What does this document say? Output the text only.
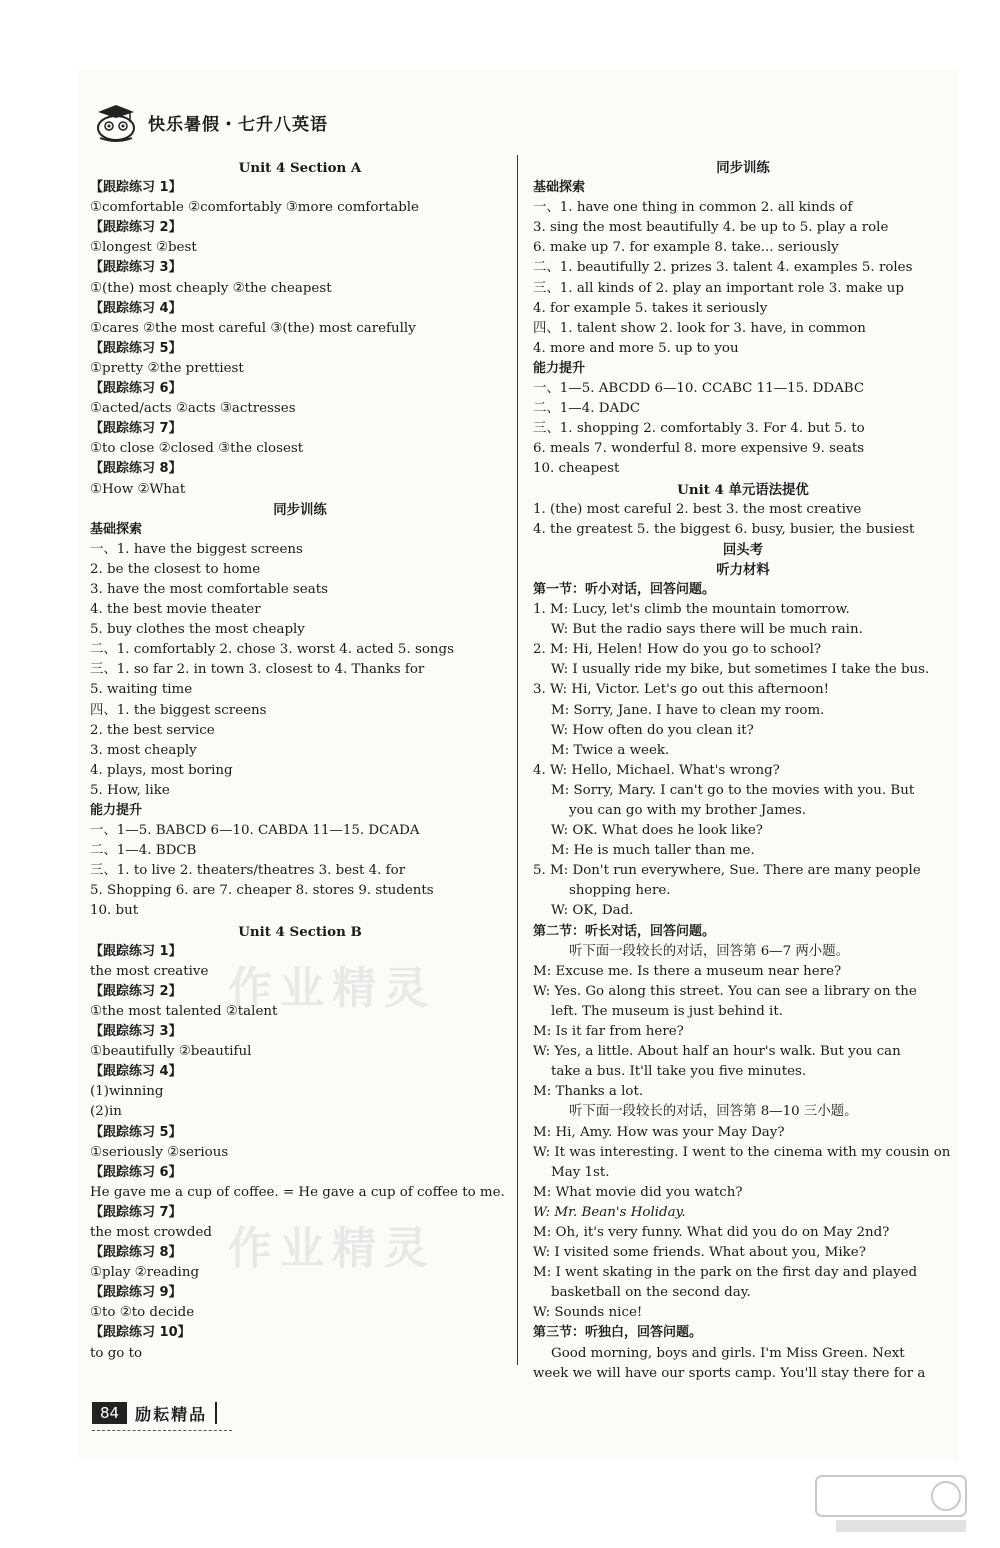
快乐暑假・七升八英语
Unit 4 Section A
【跟踪练习 1】
①comfortable ②comfortably ③more comfortable
【跟踪练习 2】
①longest ②best
【跟踪练习 3】
①(the) most cheaply ②the cheapest
【跟踪练习 4】
①cares ②the most careful ③(the) most carefully
【跟踪练习 5】
①pretty ②the prettiest
【跟踪练习 6】
①acted/acts ②acts ③actresses
【跟踪练习 7】
①to close ②closed ③the closest
【跟踪练习 8】
①How ②What
同步训练
基础探索
一、1. have the biggest screens
2. be the closest to home
3. have the most comfortable seats
4. the best movie theater
5. buy clothes the most cheaply
二、1. comfortably 2. chose 3. worst 4. acted 5. songs
三、1. so far 2. in town 3. closest to 4. Thanks for
5. waiting time
四、1. the biggest screens
2. the best service
3. most cheaply
4. plays, most boring
5. How, like
能力提升
一、1—5. BABCD 6—10. CABDA 11—15. DCADA
二、1—4. BDCB
三、1. to live 2. theaters/theatres 3. best 4. for
5. Shopping 6. are 7. cheaper 8. stores 9. students
10. but
Unit 4 Section B
【跟踪练习 1】
the most creative
【跟踪练习 2】
①the most talented ②talent
【跟踪练习 3】
①beautifully ②beautiful
【跟踪练习 4】
(1)winning
(2)in
【跟踪练习 5】
①seriously ②serious
【跟踪练习 6】
He gave me a cup of coffee. = He gave a cup of coffee to me.
【跟踪练习 7】
the most crowded
【跟踪练习 8】
①play ②reading
【跟踪练习 9】
①to ②to decide
【跟踪练习 10】
to go to
同步训练
基础探索
一、1. have one thing in common 2. all kinds of
3. sing the most beautifully 4. be up to 5. play a role
6. make up 7. for example 8. take... seriously
二、1. beautifully 2. prizes 3. talent 4. examples 5. roles
三、1. all kinds of 2. play an important role 3. make up
4. for example 5. takes it seriously
四、1. talent show 2. look for 3. have, in common
4. more and more 5. up to you
能力提升
一、1—5. ABCDD 6—10. CCABC 11—15. DDABC
二、1—4. DADC
三、1. shopping 2. comfortably 3. For 4. but 5. to
6. meals 7. wonderful 8. more expensive 9. seats
10. cheapest
Unit 4 单元语法提优
1. (the) most careful 2. best 3. the most creative
4. the greatest 5. the biggest 6. busy, busier, the busiest
回头考
听力材料
第一节：听小对话，回答问题。
1. M: Lucy, let's climb the mountain tomorrow.
W: But the radio says there will be much rain.
2. M: Hi, Helen! How do you go to school?
W: I usually ride my bike, but sometimes I take the bus.
3. W: Hi, Victor. Let's go out this afternoon!
M: Sorry, Jane. I have to clean my room.
W: How often do you clean it?
M: Twice a week.
4. W: Hello, Michael. What's wrong?
M: Sorry, Mary. I can't go to the movies with you. But
you can go with my brother James.
W: OK. What does he look like?
M: He is much taller than me.
5. M: Don't run everywhere, Sue. There are many people
shopping here.
W: OK, Dad.
第二节：听长对话，回答问题。
听下面一段较长的对话，回答第 6—7 两小题。
M: Excuse me. Is there a museum near here?
W: Yes. Go along this street. You can see a library on the
left. The museum is just behind it.
M: Is it far from here?
W: Yes, a little. About half an hour's walk. But you can
take a bus. It'll take you five minutes.
M: Thanks a lot.
听下面一段较长的对话，回答第 8—10 三小题。
M: Hi, Amy. How was your May Day?
W: It was interesting. I went to the cinema with my cousin on
May 1st.
M: What movie did you watch?
W: Mr. Bean's Holiday.
M: Oh, it's very funny. What did you do on May 2nd?
W: I visited some friends. What about you, Mike?
M: I went skating in the park on the first day and played
basketball on the second day.
W: Sounds nice!
第三节：听独白，回答问题。
Good morning, boys and girls. I'm Miss Green. Next
week we will have our sports camp. You'll stay there for a
作业精灵
作业精灵
84	励耘精品
